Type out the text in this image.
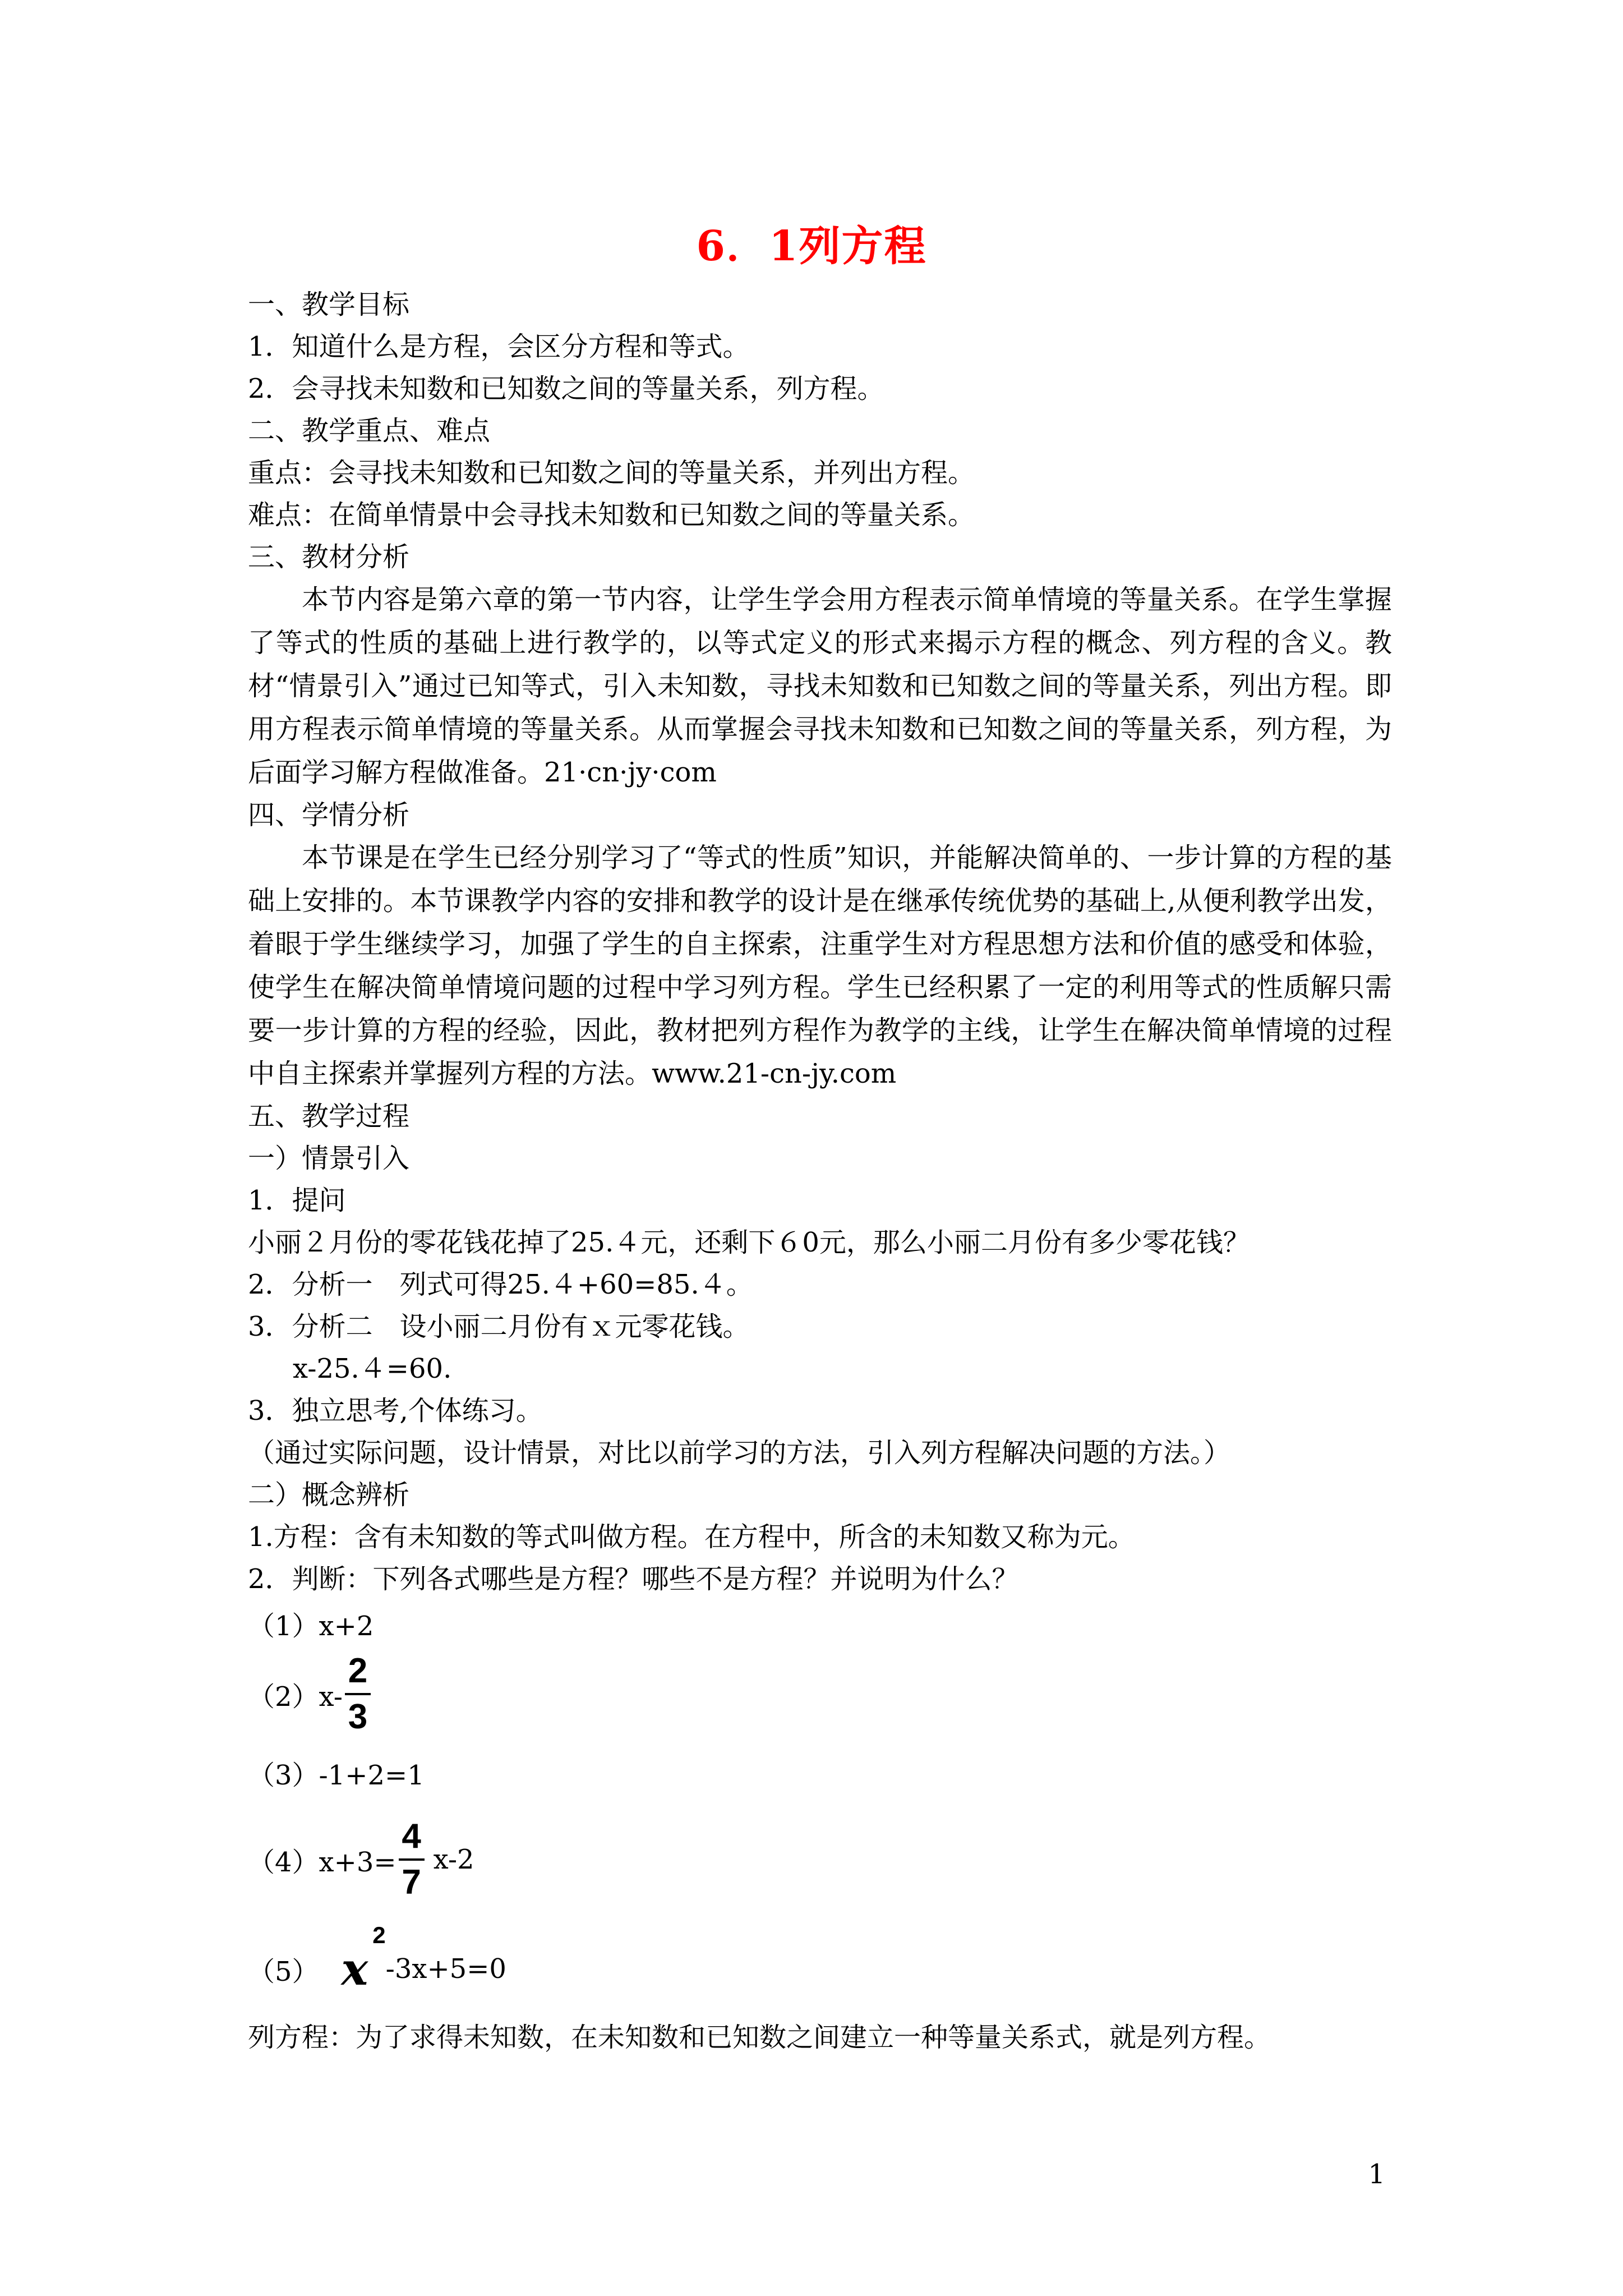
6．1列方程
一、教学目标
1．知道什么是方程，会区分方程和等式。
2．会寻找未知数和已知数之间的等量关系，列方程。
二、教学重点、难点
重点：会寻找未知数和已知数之间的等量关系，并列出方程。
难点：在简单情景中会寻找未知数和已知数之间的等量关系。
三、教材分析

本节内容是第六章的第一节内容，让学生学会用方程表示简单情境的等量关系。在学生掌握了等式的性质的基础上进行教学的，以等式定义的形式来揭示方程的概念、列方程的含义。教材“情景引入”通过已知等式，引入未知数，寻找未知数和已知数之间的等量关系，列出方程。即用方程表示简单情境的等量关系。从而掌握会寻找未知数和已知数之间的等量关系，列方程，为后面学习解方程做准备。21·cn·jy·com

四、学情分析

本节课是在学生已经分别学习了“等式的性质”知识，并能解决简单的、一步计算的方程的基础上安排的。本节课教学内容的安排和教学的设计是在继承传统优势的基础上,从便利教学出发，着眼于学生继续学习，加强了学生的自主探索，注重学生对方程思想方法和价值的感受和体验，使学生在解决简单情境问题的过程中学习列方程。学生已经积累了一定的利用等式的性质解只需要一步计算的方程的经验，因此，教材把列方程作为教学的主线，让学生在解决简单情境的过程中自主探索并掌握列方程的方法。www.21-cn-jy.com

五、教学过程
一）情景引入
1．提问
小丽２月份的零花钱花掉了25.４元，还剩下６0元，那么小丽二月份有多少零花钱？
2．分析一　列式可得25.４+60=85.４。
3．分析二　设小丽二月份有ｘ元零花钱。
x-25.４=60.
3．独立思考,个体练习。
（通过实际问题，设计情景，对比以前学习的方法，引入列方程解决问题的方法。）
二）概念辨析
1.方程：含有未知数的等式叫做方程。在方程中，所含的未知数又称为元。
2．判断：下列各式哪些是方程？哪些不是方程？并说明为什么？
（1）x+2
$(2)x- \frac{2}{3}$
（3）-1+2=1
$(4)x+3= \frac{4}{7} x-2$
（5） x
2
-3x+5=0
列方程：为了求得未知数，在未知数和已知数之间建立一种等量关系式，就是列方程。
1
